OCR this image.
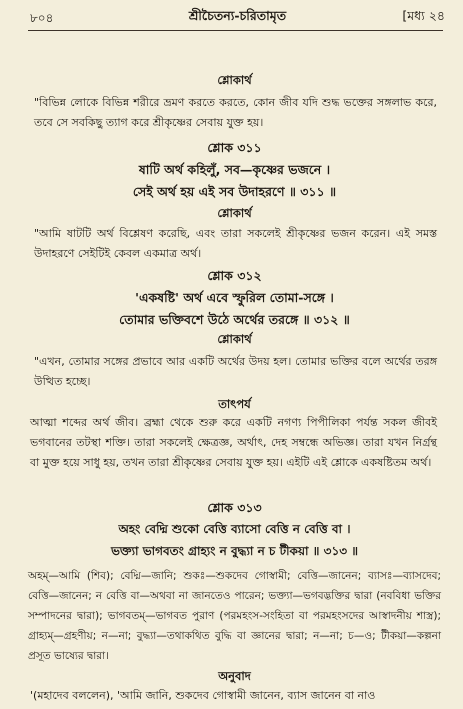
৮০৪	শ্রীচৈতন্য-চরিতামৃত	[মধ্য ২৪
শ্লোকার্থ
"বিভিন্ন লোকে বিভিন্ন শরীরে ভ্রমণ করতে করতে, কোন জীব যদি শুদ্ধ ভক্তের সঙ্গলাভ করে, তবে সে সবকিছু ত্যাগ করে শ্রীকৃষ্ণের সেবায় যুক্ত হয়।
শ্লোক ৩১১
ষাটি অর্থ কহিলুঁ, সব—কৃষ্ণের ভজনে ।
সেই অর্থ হয় এই সব উদাহরণে ॥ ৩১১ ॥
শ্লোকার্থ
"আমি ষাটটি অর্থ বিশ্লেষণ করেছি, এবং তারা সকলেই শ্রীকৃষ্ণের ভজন করেন। এই সমস্ত উদাহরণে সেইটিই কেবল একমাত্র অর্থ।
শ্লোক ৩১২
'একষষ্টি' অর্থ এবে স্ফুরিল তোমা-সঙ্গে ।
তোমার ভক্তিবশে উঠে অর্থের তরঙ্গে ॥ ৩১২ ॥
শ্লোকার্থ
"এখন, তোমার সঙ্গের প্রভাবে আর একটি অর্থের উদয় হল। তোমার ভক্তির বলে অর্থের তরঙ্গ উত্থিত হচ্ছে।
তাৎপর্য
আত্মা শব্দের অর্থ জীব। ব্রহ্মা থেকে শুরু করে একটি নগণ্য পিপীলিকা পর্যন্ত সকল জীবই ভগবানের তটস্থা শক্তি। তারা সকলেই ক্ষেত্রজ্ঞ, অর্থাৎ, দেহ সম্বন্ধে অভিজ্ঞ। তারা যখন নির্গ্রন্থ বা মুক্ত হয়ে সাধু হয়, তখন তারা শ্রীকৃষ্ণের সেবায় যুক্ত হয়। এইটি এই শ্লোকে একষষ্টিতম অর্থ।
শ্লোক ৩১৩
অহং বেদ্মি শুকো বেত্তি ব্যাসো বেত্তি ন বেত্তি বা ।
ভক্ত্যা ভাগবতং গ্রাহ্যং ন বুদ্ধ্যা ন চ টীকয়া ॥ ৩১৩ ॥
অহম্—আমি (শিব); বেদ্মি—জানি; শুকঃ—শুকদেব গোস্বামী; বেত্তি—জানেন; ব্যাসঃ—ব্যাসদেব; বেত্তি—জানেন; ন বেত্তি বা—অথবা না জানতেও পারেন; ভক্ত্যা—ভগবদ্ভক্তির দ্বারা (নববিধা ভক্তির সম্পাদনের দ্বারা); ভাগবতম্—ভাগবত পুরাণ (পরমহংস-সংহিতা বা পরমহংসদের আস্বাদনীয় শাস্ত্র); গ্রাহ্যম্—গ্রহণীয়; ন—না; বুদ্ধ্যা—তথাকথিত বুদ্ধি বা জ্ঞানের দ্বারা; ন—না; চ—ও; টীকয়া—কল্পনা প্রসূত ভাষ্যের দ্বারা।
অনুবাদ
'(মহাদেব বললেন), 'আমি জানি, শুকদেব গোস্বামী জানেন, ব্যাস জানেন বা নাও
